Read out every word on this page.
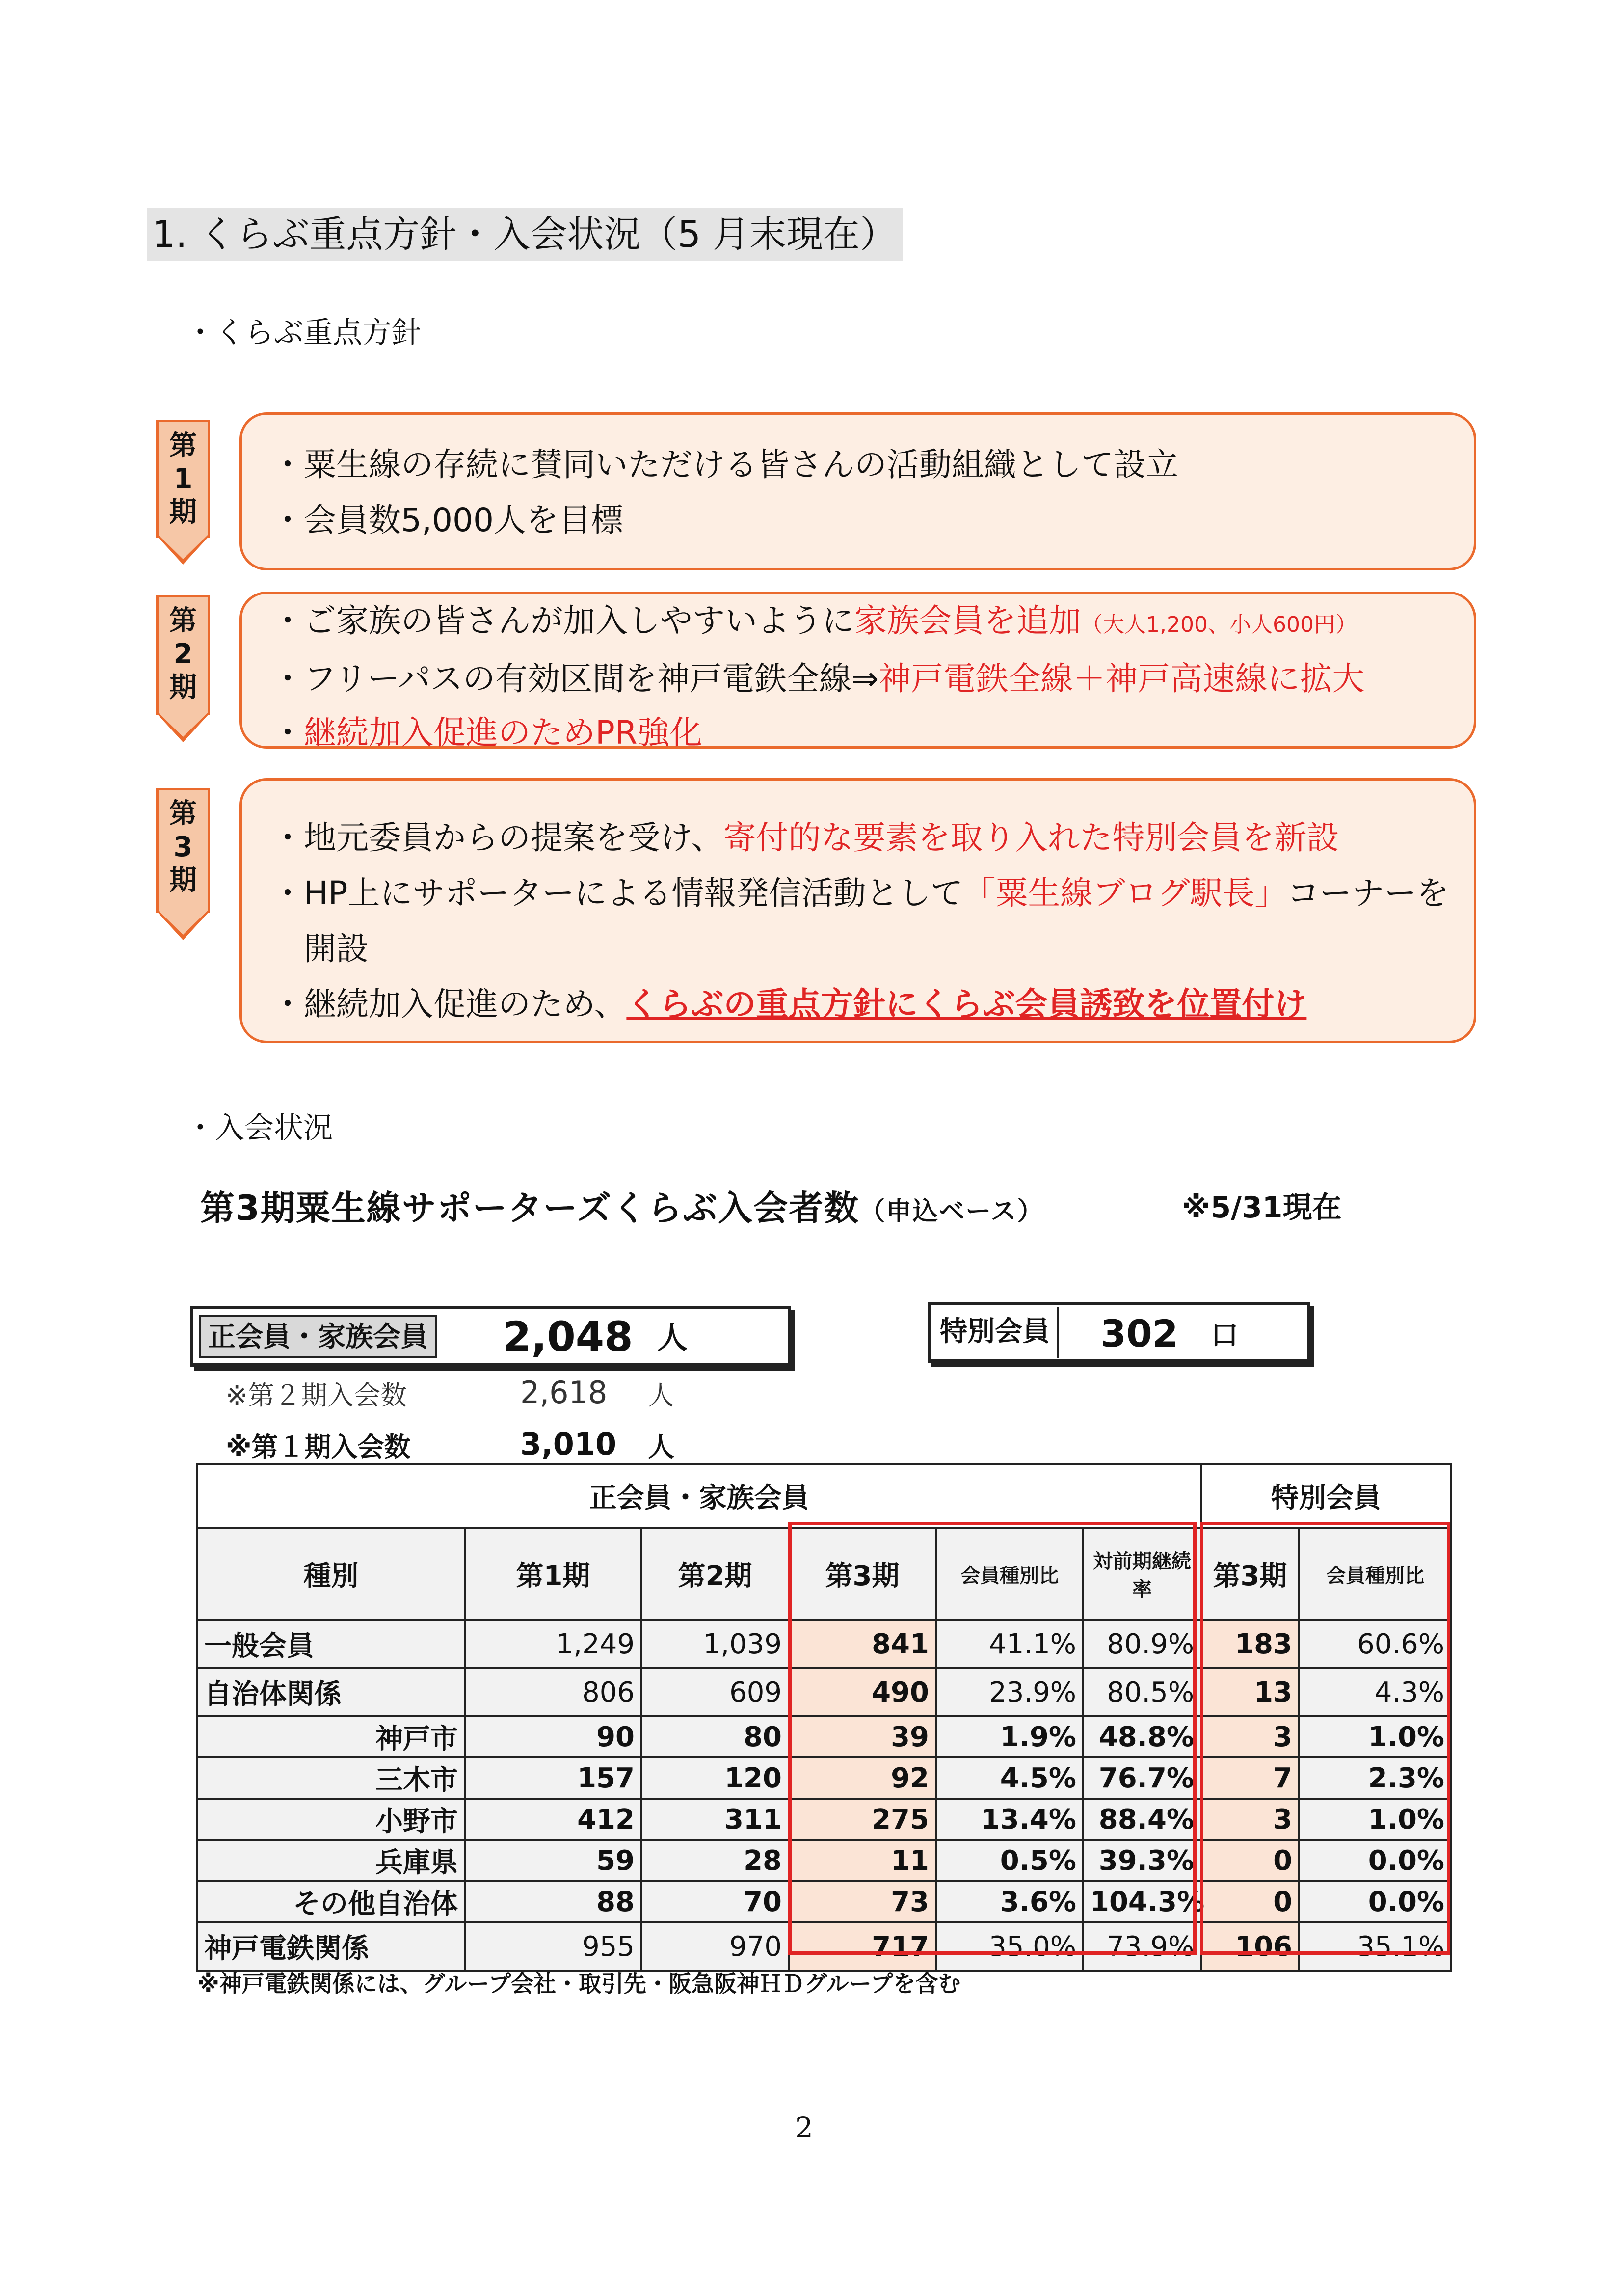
1. くらぶ重点方針・入会状況（5 月末現在）
・くらぶ重点方針
第
1
期
第
2
期
第
3
期
・粟生線の存続に賛同いただける皆さんの活動組織として設立
・会員数5,000人を目標
・ご家族の皆さんが加入しやすいように家族会員を追加（大人1,200、小人600円）
・フリーパスの有効区間を神戸電鉄全線⇒神戸電鉄全線＋神戸高速線に拡大
・継続加入促進のためPR強化
・地元委員からの提案を受け、寄付的な要素を取り入れた特別会員を新設
・HP上にサポーターによる情報発信活動として「粟生線ブログ駅長」コーナーを
　開設
・継続加入促進のため、くらぶの重点方針にくらぶ会員誘致を位置付け
・入会状況
第3期粟生線サポーターズくらぶ入会者数（申込ベース）	※5/31現在
正会員・家族会員 2,048 人	特別会員 302 口
※第２期入会数	2,618 人
※第１期入会数	3,010 人
正会員・家族会員						特別会員	
種別	第1期	第2期	第3期	会員種別比	対前期継続率	第3期	会員種別比
一般会員	1,249	1,039	841	41.1%	80.9%	183	60.6%
自治体関係	806	609	490	23.9%	80.5%	13	4.3%
神戸市	90	80	39	1.9%	48.8%	3	1.0%
三木市	157	120	92	4.5%	76.7%	7	2.3%
小野市	412	311	275	13.4%	88.4%	3	1.0%
兵庫県	59	28	11	0.5%	39.3%	0	0.0%
その他自治体	88	70	73	3.6%	104.3%	0	0.0%
神戸電鉄関係	955	970	717	35.0%	73.9%	106	35.1%
※神戸電鉄関係には、グループ会社・取引先・阪急阪神ＨＤグループを含む
2
